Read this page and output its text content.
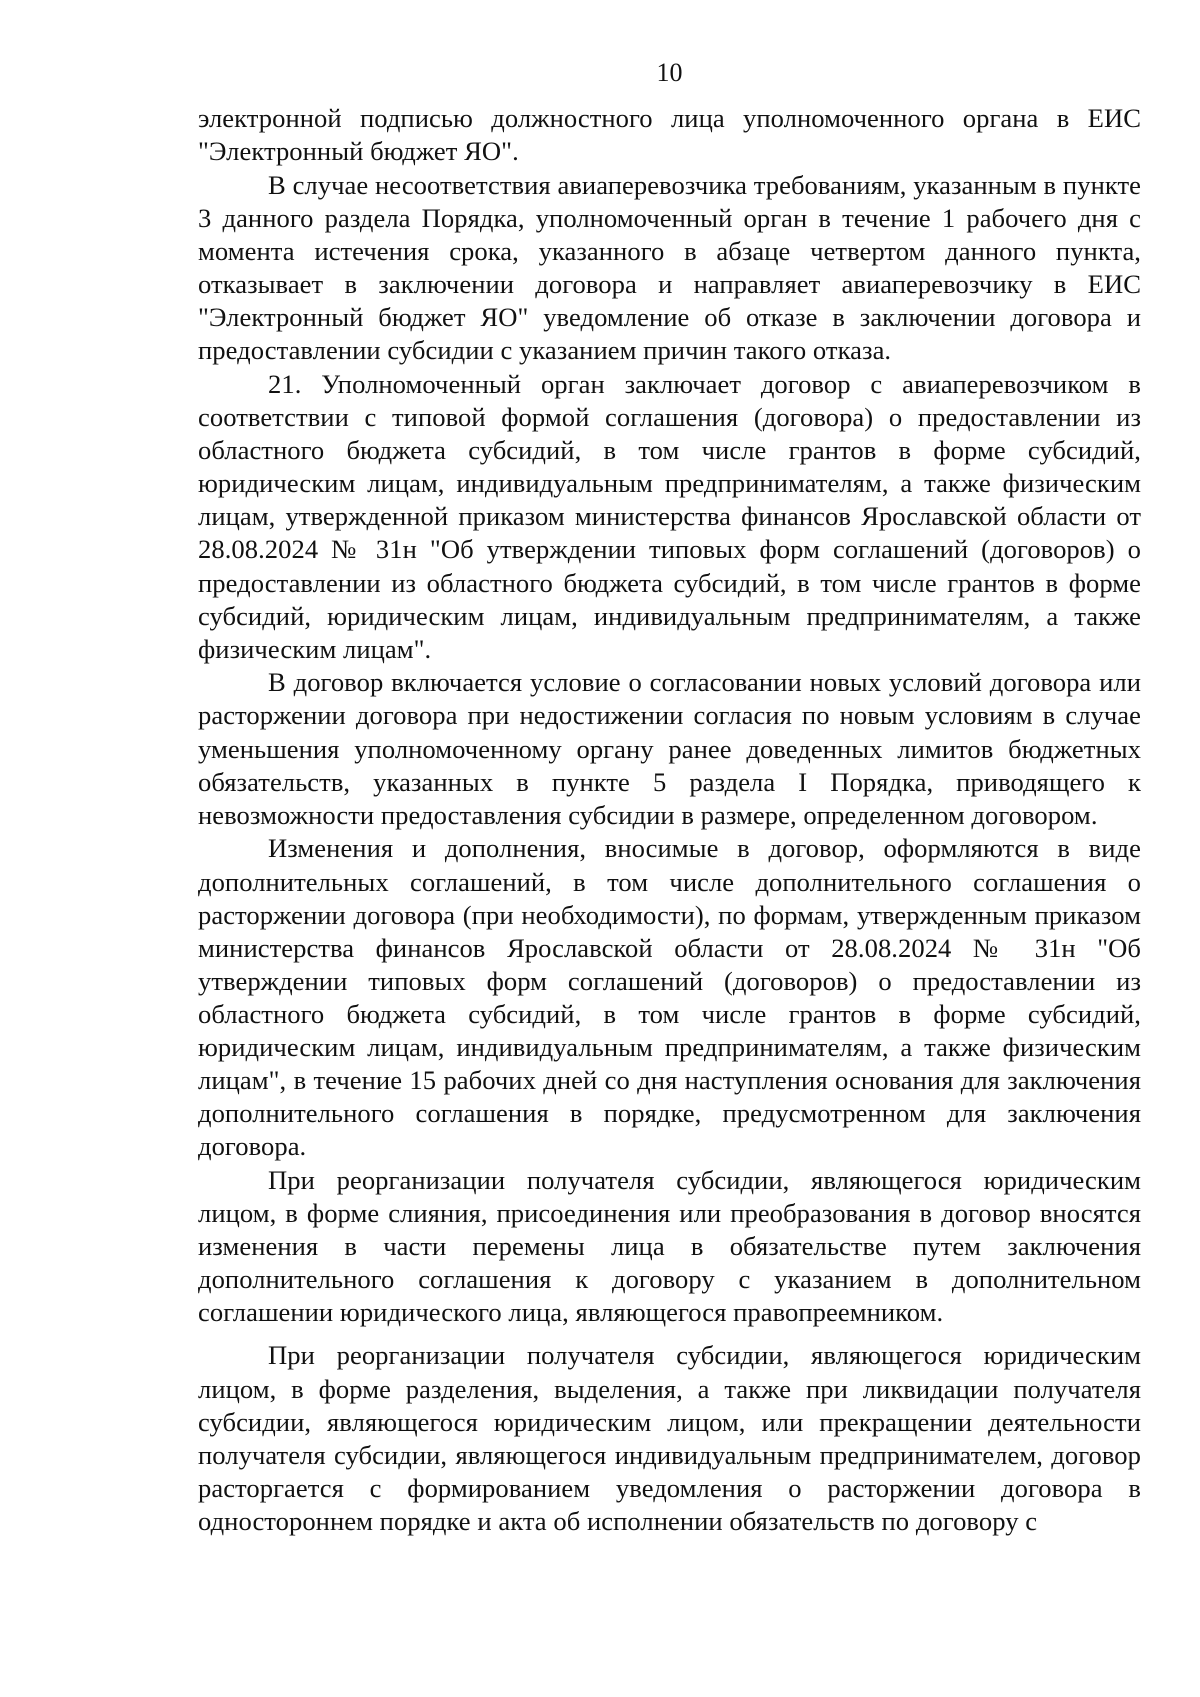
10

электронной подписью должностного лица уполномоченного органа в ЕИС "Электронный бюджет ЯО".

В случае несоответствия авиаперевозчика требованиям, указанным в пункте 3 данного раздела Порядка, уполномоченный орган в течение 1 рабочего дня с момента истечения срока, указанного в абзаце четвертом данного пункта, отказывает в заключении договора и направляет авиаперевозчику в ЕИС "Электронный бюджет ЯО" уведомление об отказе в заключении договора и предоставлении субсидии с указанием причин такого отказа.

21. Уполномоченный орган заключает договор с авиаперевозчиком в соответствии с типовой формой соглашения (договора) о предоставлении из областного бюджета субсидий, в том числе грантов в форме субсидий, юридическим лицам, индивидуальным предпринимателям, а также физическим лицам, утвержденной приказом министерства финансов Ярославской области от 28.08.2024 № 31н "Об утверждении типовых форм соглашений (договоров) о предоставлении из областного бюджета субсидий, в том числе грантов в форме субсидий, юридическим лицам, индивидуальным предпринимателям, а также физическим лицам".

В договор включается условие о согласовании новых условий договора или расторжении договора при недостижении согласия по новым условиям в случае уменьшения уполномоченному органу ранее доведенных лимитов бюджетных обязательств, указанных в пункте 5 раздела I Порядка, приводящего к невозможности предоставления субсидии в размере, определенном договором.

Изменения и дополнения, вносимые в договор, оформляются в виде дополнительных соглашений, в том числе дополнительного соглашения о расторжении договора (при необходимости), по формам, утвержденным приказом министерства финансов Ярославской области от 28.08.2024 № 31н "Об утверждении типовых форм соглашений (договоров) о предоставлении из областного бюджета субсидий, в том числе грантов в форме субсидий, юридическим лицам, индивидуальным предпринимателям, а также физическим лицам", в течение 15 рабочих дней со дня наступления основания для заключения дополнительного соглашения в порядке, предусмотренном для заключения договора.

При реорганизации получателя субсидии, являющегося юридическим лицом, в форме слияния, присоединения или преобразования в договор вносятся изменения в части перемены лица в обязательстве путем заключения дополнительного соглашения к договору с указанием в дополнительном соглашении юридического лица, являющегося правопреемником.

При реорганизации получателя субсидии, являющегося юридическим лицом, в форме разделения, выделения, а также при ликвидации получателя субсидии, являющегося юридическим лицом, или прекращении деятельности получателя субсидии, являющегося индивидуальным предпринимателем, договор расторгается с формированием уведомления о расторжении договора в одностороннем порядке и акта об исполнении обязательств по договору с
